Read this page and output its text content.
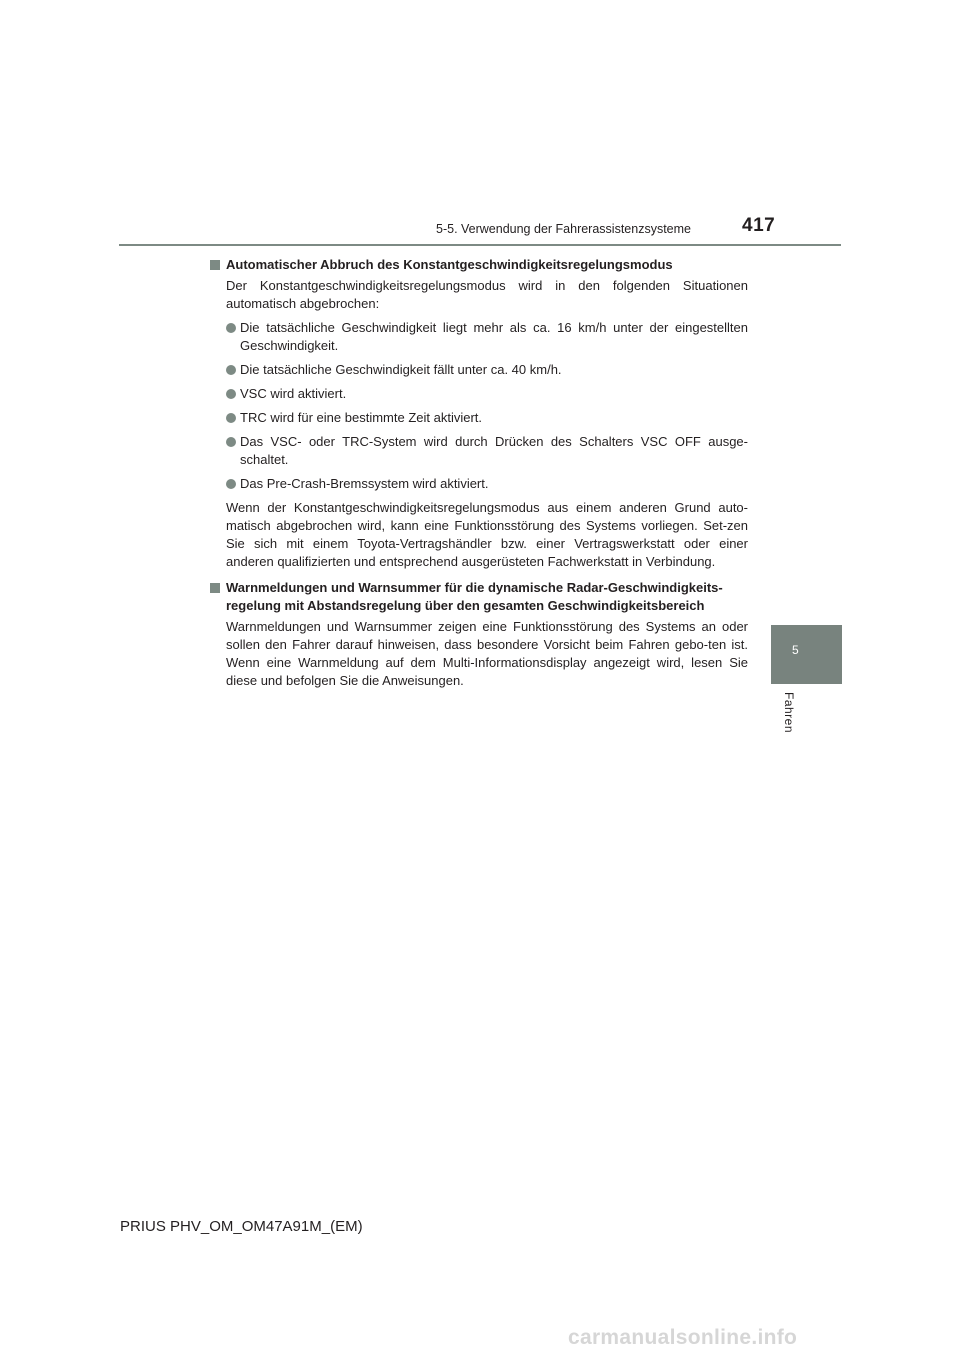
5-5. Verwendung der Fahrerassistenzsysteme	417
5
Fahren
Automatischer Abbruch des Konstantgeschwindigkeitsregelungsmodus
Der Konstantgeschwindigkeitsregelungsmodus wird in den folgenden Situationen automatisch abgebrochen:
Die tatsächliche Geschwindigkeit liegt mehr als ca. 16 km/h unter der eingestellten Geschwindigkeit.
Die tatsächliche Geschwindigkeit fällt unter ca. 40 km/h.
VSC wird aktiviert.
TRC wird für eine bestimmte Zeit aktiviert.
Das VSC- oder TRC-System wird durch Drücken des Schalters VSC OFF ausge-schaltet.
Das Pre-Crash-Bremssystem wird aktiviert.
Wenn der Konstantgeschwindigkeitsregelungsmodus aus einem anderen Grund auto-matisch abgebrochen wird, kann eine Funktionsstörung des Systems vorliegen. Set-zen Sie sich mit einem Toyota-Vertragshändler bzw. einer Vertragswerkstatt oder einer anderen qualifizierten und entsprechend ausgerüsteten Fachwerkstatt in Verbindung.
Warnmeldungen und Warnsummer für die dynamische Radar-Geschwindigkeits-regelung mit Abstandsregelung über den gesamten Geschwindigkeitsbereich
Warnmeldungen und Warnsummer zeigen eine Funktionsstörung des Systems an oder sollen den Fahrer darauf hinweisen, dass besondere Vorsicht beim Fahren gebo-ten ist. Wenn eine Warnmeldung auf dem Multi-Informationsdisplay angezeigt wird, lesen Sie diese und befolgen Sie die Anweisungen.
PRIUS PHV_OM_OM47A91M_(EM)
carmanualsonline.info
